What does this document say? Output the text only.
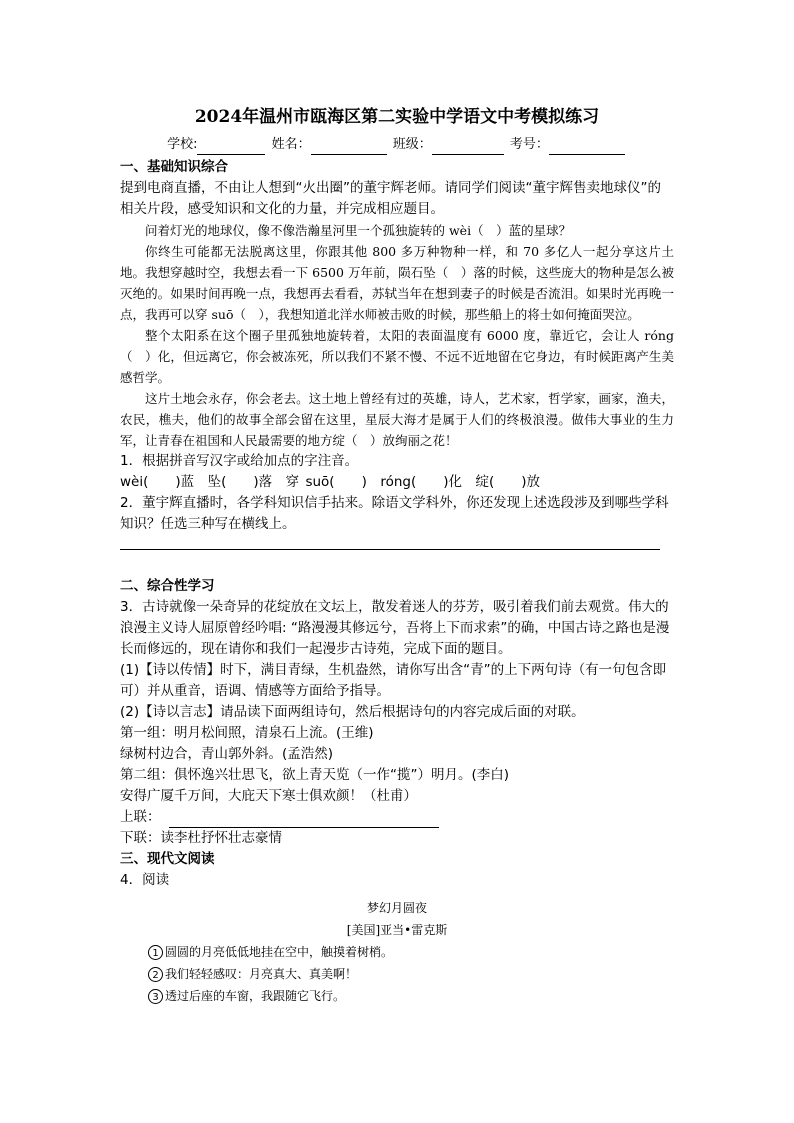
2024年温州市瓯海区第二实验中学语文中考模拟练习
学校:	姓名：	班级：	考号：

一、基础知识综合

提到电商直播，不由让人想到“火出圈”的董宇辉老师。请同学们阅读“董宇辉售卖地球仪”的相关片段，感受知识和文化的力量，并完成相应题目。

问着灯光的地球仪，像不像浩瀚星河里一个孤独旋转的 wèi（　）蓝的星球？

你终生可能都无法脱离这里，你跟其他 800 多万种物种一样，和 70 多亿人一起分享这片土地。我想穿越时空，我想去看一下 6500 万年前，陨石坠（　）落的时候，这些庞大的物种是怎么被灭绝的。如果时间再晚一点，我想再去看看，苏轼当年在想到妻子的时候是否流泪。如果时光再晚一点，我再可以穿 suō（　），我想知道北洋水师被击败的时候，那些船上的将士如何掩面哭泣。

整个太阳系在这个圈子里孤独地旋转着，太阳的表面温度有 6000 度，靠近它，会让人 róng（　）化，但远离它，你会被冻死，所以我们不紧不慢、不远不近地留在它身边，有时候距离产生美感哲学。

这片土地会永存，你会老去。这土地上曾经有过的英雄，诗人，艺术家，哲学家，画家，渔夫，农民，樵夫，他们的故事全部会留在这里，星辰大海才是属于人们的终极浪漫。做伟大事业的生力军，让青春在祖国和人民最需要的地方绽（　）放绚丽之花！

1．根据拼音写汉字或给加点的字注音。

wèi(　　)蓝　坠(　　)落　穿 suō(　　)　róng(　　)化　绽(　　)放

2．董宇辉直播时，各学科知识信手拈来。除语文学科外，你还发现上述选段涉及到哪些学科知识？任选三种写在横线上。

二、综合性学习

3．古诗就像一朵奇异的花绽放在文坛上，散发着迷人的芬芳，吸引着我们前去观赏。伟大的浪漫主义诗人屈原曾经吟唱: “路漫漫其修远兮，吾将上下而求索”的确，中国古诗之路也是漫长而修远的，现在请你和我们一起漫步古诗苑，完成下面的题目。

(1)【诗以传情】时下，满目青绿，生机盎然，请你写出含“青”的上下两句诗（有一句包含即可）并从重音，语调、情感等方面给予指导。

(2)【诗以言志】请品读下面两组诗句，然后根据诗句的内容完成后面的对联。

第一组：明月松间照，清泉石上流。(王维)

绿树村边合，青山郭外斜。(孟浩然)

第二组：俱怀逸兴壮思飞，欲上青天览（一作“揽”）明月。(李白)

安得广厦千万间，大庇天下寒士俱欢颜！（杜甫）

上联：

下联：读李杜抒怀壮志豪情

三、现代文阅读

4．阅读

梦幻月圆夜
[美国]亚当•雷克斯

1 圆圆的月亮低低地挂在空中，触摸着树梢。

2 我们轻轻感叹：月亮真大、真美啊！

3 透过后座的车窗，我跟随它飞行。
